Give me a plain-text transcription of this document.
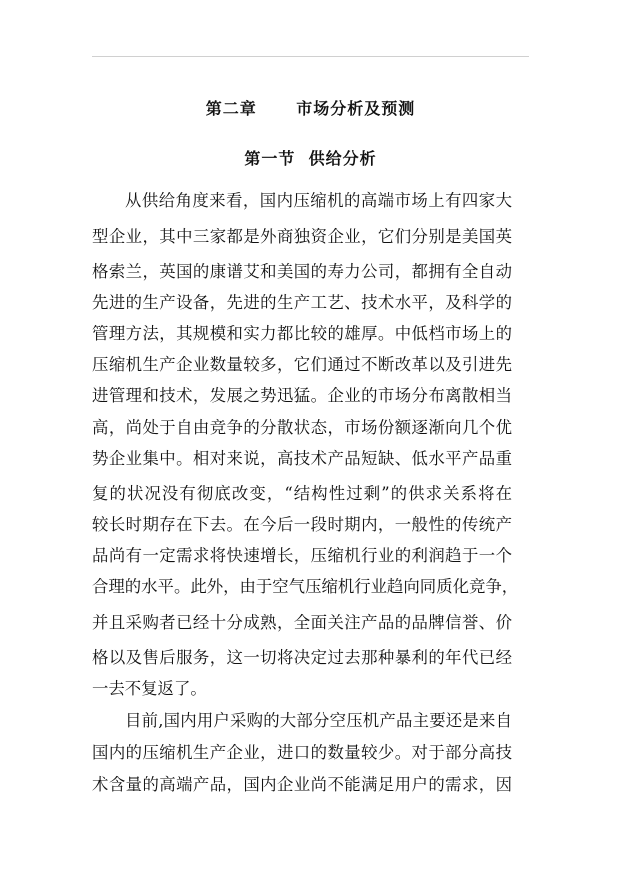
第二章      市场分析及预测
第一节  供给分析
从供给角度来看，国内压缩机的高端市场上有四家大
型企业，其中三家都是外商独资企业，它们分别是美国英
格索兰，英国的康谱艾和美国的寿力公司，都拥有全自动
先进的生产设备，先进的生产工艺、技术水平，及科学的
管理方法，其规模和实力都比较的雄厚。中低档市场上的
压缩机生产企业数量较多，它们通过不断改革以及引进先
进管理和技术，发展之势迅猛。企业的市场分布离散相当
高，尚处于自由竞争的分散状态，市场份额逐渐向几个优
势企业集中。相对来说，高技术产品短缺、低水平产品重
复的状况没有彻底改变，“结构性过剩”的供求关系将在
较长时期存在下去。在今后一段时期内，一般性的传统产
品尚有一定需求将快速增长，压缩机行业的利润趋于一个
合理的水平。此外，由于空气压缩机行业趋向同质化竞争，
并且采购者已经十分成熟，全面关注产品的品牌信誉、价
格以及售后服务，这一切将决定过去那种暴利的年代已经
一去不复返了。
目前,国内用户采购的大部分空压机产品主要还是来自
国内的压缩机生产企业，进口的数量较少。对于部分高技
术含量的高端产品，国内企业尚不能满足用户的需求，因
